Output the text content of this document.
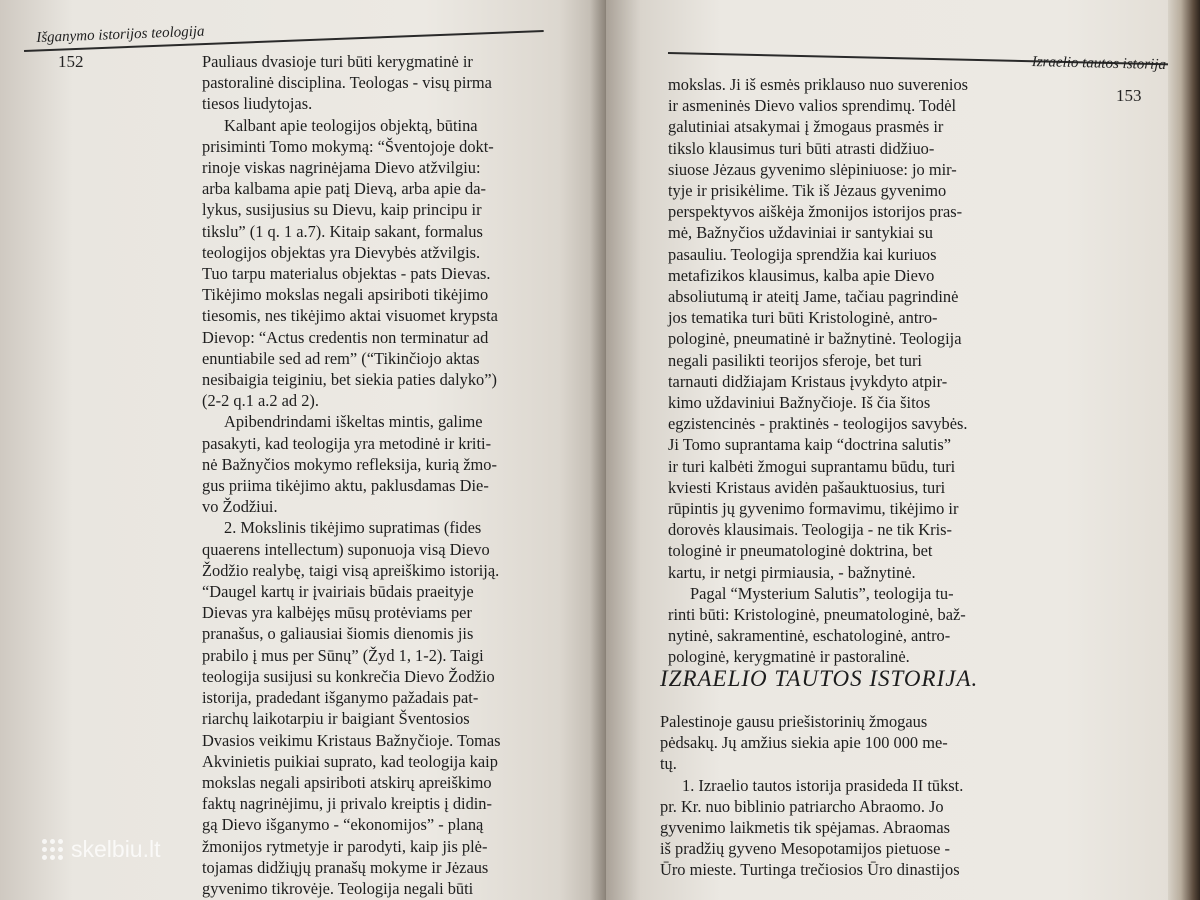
Išganymo istorijos teologija
152	Pauliaus dvasioje turi būti kerygmatinė ir

pastoralinė disciplina. Teologas - visų pirma

tiesos liudytojas.

Kalbant apie teologijos objektą, būtina

prisiminti Tomo mokymą: “Šventojoje dokt-

rinoje viskas nagrinėjama Dievo atžvilgiu:

arba kalbama apie patį Dievą, arba apie da-

lykus, susijusius su Dievu, kaip principu ir

tikslu” (1 q. 1 a.7). Kitaip sakant, formalus

teologijos objektas yra Dievybės atžvilgis.

Tuo tarpu materialus objektas - pats Dievas.

Tikėjimo mokslas negali apsiriboti tikėjimo

tiesomis, nes tikėjimo aktai visuomet krypsta

Dievop: “Actus credentis non terminatur ad

enuntiabile sed ad rem” (“Tikinčiojo aktas

nesibaigia teiginiu, bet siekia paties dalyko”)

(2-2 q.1 a.2 ad 2).

Apibendrindami iškeltas mintis, galime

pasakyti, kad teologija yra metodinė ir kriti-

nė Bažnyčios mokymo refleksija, kurią žmo-

gus priima tikėjimo aktu, paklusdamas Die-

vo Žodžiui.

2. Mokslinis tikėjimo supratimas (fides

quaerens intellectum) suponuoja visą Dievo

Žodžio realybę, taigi visą apreiškimo istoriją.

“Daugel kartų ir įvairiais būdais praeityje

Dievas yra kalbėjęs mūsų protėviams per

pranašus, o galiausiai šiomis dienomis jis

prabilo į mus per Sūnų” (Žyd 1, 1-2). Taigi

teologija susijusi su konkrečia Dievo Žodžio

istorija, pradedant išganymo pažadais pat-

riarchų laikotarpiu ir baigiant Šventosios

Dvasios veikimu Kristaus Bažnyčioje. Tomas

Akvinietis puikiai suprato, kad teologija kaip

mokslas negali apsiriboti atskirų apreiškimo

faktų nagrinėjimu, ji privalo kreiptis į didin-

gą Dievo išganymo - “ekonomijos” - planą

žmonijos rytmetyje ir parodyti, kaip jis plė-

tojamas didžiųjų pranašų mokyme ir Jėzaus

gyvenimo tikrovėje. Teologija negali būti

Izraelio tautos istorija
153

mokslas. Ji iš esmės priklauso nuo suverenios

ir asmeninės Dievo valios sprendimų. Todėl

galutiniai atsakymai į žmogaus prasmės ir

tikslo klausimus turi būti atrasti didžiuo-

siuose Jėzaus gyvenimo slėpiniuose: jo mir-

tyje ir prisikėlime. Tik iš Jėzaus gyvenimo

perspektyvos aiškėja žmonijos istorijos pras-

mė, Bažnyčios uždaviniai ir santykiai su

pasauliu. Teologija sprendžia kai kuriuos

metafizikos klausimus, kalba apie Dievo

absoliutumą ir ateitį Jame, tačiau pagrindinė

jos tematika turi būti Kristologinė, antro-

pologinė, pneumatinė ir bažnytinė. Teologija

negali pasilikti teorijos sferoje, bet turi

tarnauti didžiajam Kristaus įvykdyto atpir-

kimo uždaviniui Bažnyčioje. Iš čia šitos

egzistencinės - praktinės - teologijos savybės.

Ji Tomo suprantama kaip “doctrina salutis”

ir turi kalbėti žmogui suprantamu būdu, turi

kviesti Kristaus avidėn pašauktuosius, turi

rūpintis jų gyvenimo formavimu, tikėjimo ir

dorovės klausimais. Teologija - ne tik Kris-

tologinė ir pneumatologinė doktrina, bet

kartu, ir netgi pirmiausia, - bažnytinė.

Pagal “Mysterium Salutis”, teologija tu-

rinti būti: Kristologinė, pneumatologinė, baž-

nytinė, sakramentinė, eschatologinė, antro-

pologinė, kerygmatinė ir pastoralinė.

IZRAELIO TAUTOS ISTORIJA.

Palestinoje gausu priešistorinių žmogaus

pėdsakų. Jų amžius siekia apie 100 000 me-

tų.

1. Izraelio tautos istorija prasideda II tūkst.

pr. Kr. nuo biblinio patriarcho Abraomo. Jo

gyvenimo laikmetis tik spėjamas. Abraomas

iš pradžių gyveno Mesopotamijos pietuose -

Ūro mieste. Turtinga trečiosios Ūro dinastijos

skelbiu.lt
